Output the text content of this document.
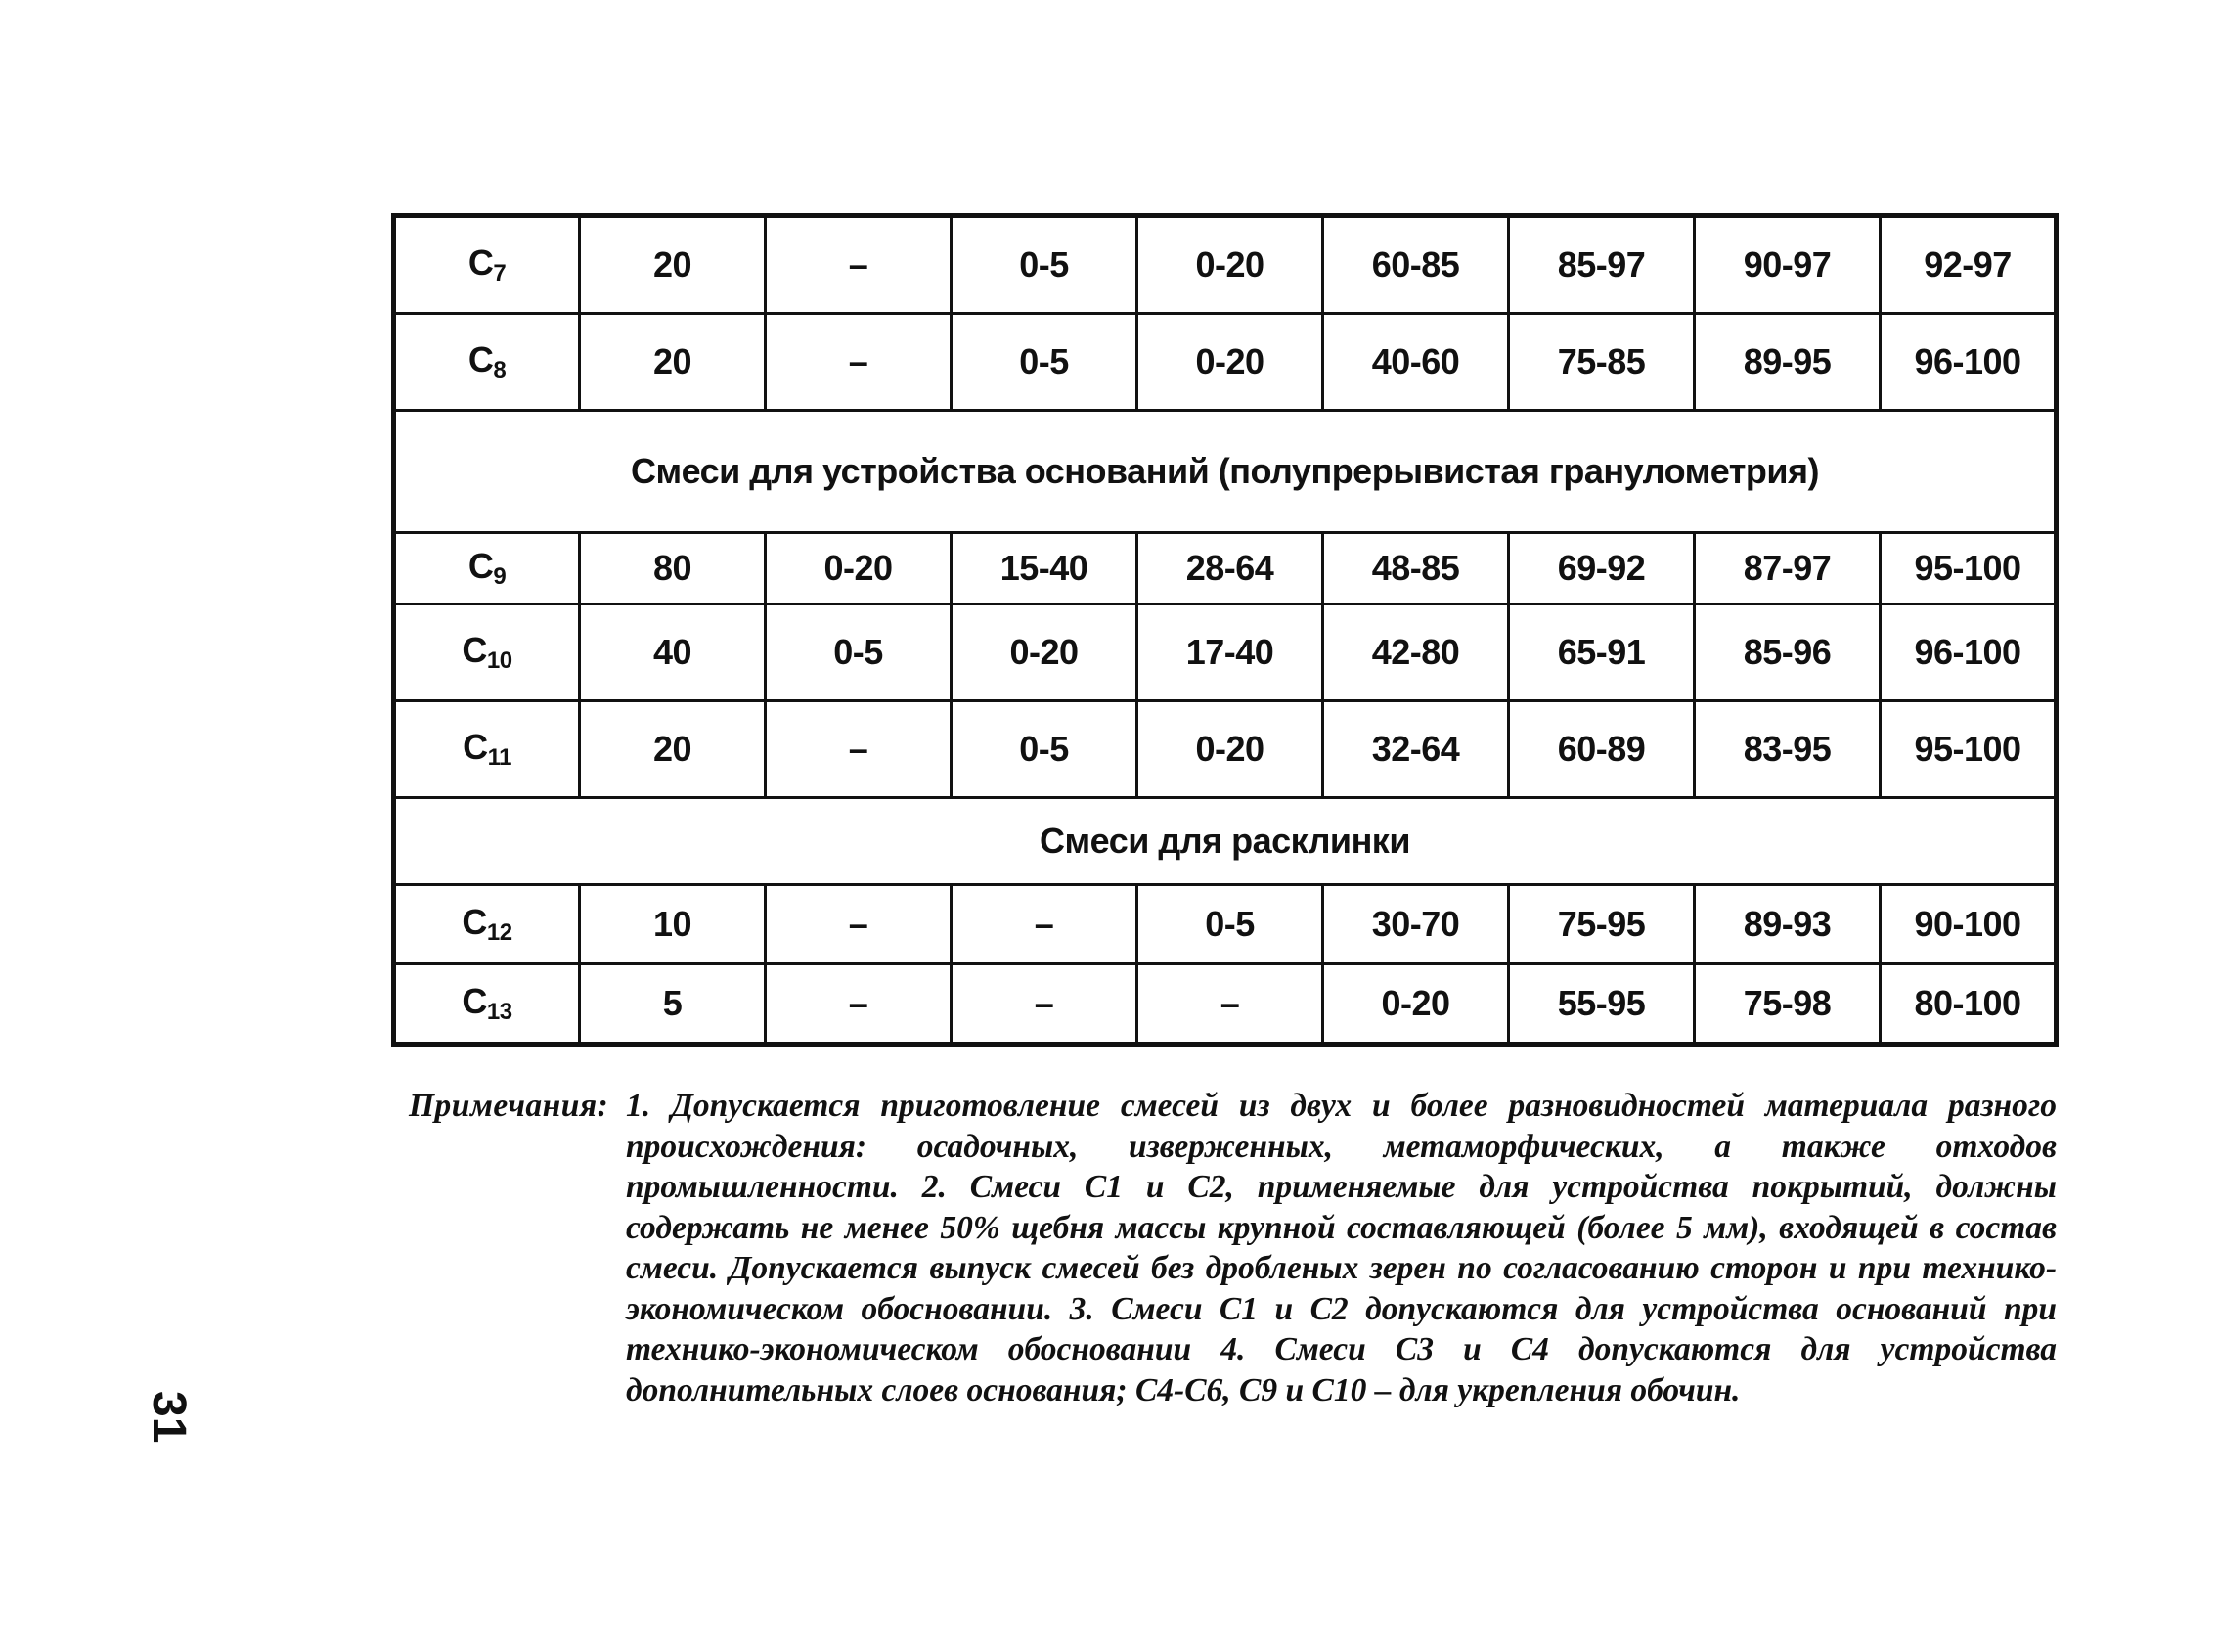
$C_7$	20	–	0-5	0-20	60-85	85-97	90-97	92-97
$C_8$	20	–	0-5	0-20	40-60	75-85	89-95	96-100
Смеси для устройства оснований (полупрерывистая гранулометрия)								
$C_9$	80	0-20	15-40	28-64	48-85	69-92	87-97	95-100
$C_{10}$	40	0-5	0-20	17-40	42-80	65-91	85-96	96-100
$C_{11}$	20	–	0-5	0-20	32-64	60-89	83-95	95-100
Смеси для расклинки								
$C_{12}$	10	–	–	0-5	30-70	75-95	89-93	90-100
$C_{13}$	5	–	–	–	0-20	55-95	75-98	80-100
Примечания: 1. Допускается приготовление смесей из двух и более разновидностей материала разного происхождения: осадочных, изверженных, метаморфических, а также отходов промышленности. 2. Смеси C1 и C2, применяемые для устройства покрытий, должны содержать не менее 50% щебня массы крупной составляющей (более 5 мм), входящей в состав смеси. Допускается выпуск смесей без дробленых зерен по согласованию сторон и при технико-экономическом обосновании. 3. Смеси C1 и C2 допускаются для устройства оснований при технико-экономическом обосновании 4. Смеси C3 и C4 допускаются для устройства дополнительных слоев основания; C4-C6, C9 и C10 – для укрепления обочин.
31
